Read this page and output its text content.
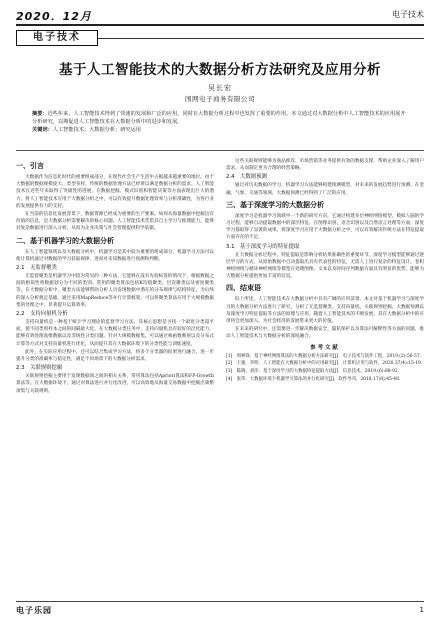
2020．12月	电子技术
电子技术
基于人工智能技术的大数据分析方法研究及应用分析
吴长宏
国网电子商务有限公司
摘要：近些年来，人工智能技术得到了快速的发展和广泛的应用，同时在大数据分析过程中也发挥了重要的作用。本文通过对大数据分析中人工智能技术的应用展开分析研究，以期促进人工智能技术在大数据分析中的进步和发展。
关键词：人工智能技术；大数据分析；研究运用
一、引言
大数据作为信息化时代的重要组成部分，在现代社会生产生活中占据越来越重要的地位。由于大数据的数据规模庞大、类型多样，传统的数据处理方法已经难以满足数据分析的需求。人工智能技术在近些年来取得了突破性的进展，在数据挖掘、模式识别和智能决策等方面表现出巨大的潜力。将人工智能技术应用于大数据分析之中，可以有效提升数据处理效率与分析准确性，为各行业的发展提供有力的支持。
在当前的信息化发展背景下，数据资源已经成为重要的生产要素。如何从海量数据中挖掘出有价值的信息，是大数据分析需要解决的核心问题。人工智能技术凭借其自主学习与推理能力，能够对复杂数据进行深入分析，从而为企业决策与社会管理提供科学依据。
二、基于机器学习的大数据分析
在人工智能领域以及大数据分析中，机器学习是其中较为重要的组成部分，机器学习方法可以使计算机通过对数据的学习获取规律，进而对未知数据进行预测和判断。
2.1　无监督聚类
无监督聚类是机器学习中较为常见的一种方法，它能够在没有先验标签的情况下，根据数据之间的相似性将数据划分为不同的类别。常用的聚类算法包括K均值聚类、层次聚类以及密度聚类等，在大数据分析中，聚类方法能够帮助分析人员发现数据中潜在的分布规律与结构特征，为后续的深入分析奠定基础。通过采用MapReduce等并行计算框架，可以将聚类算法应用于大规模数据集的处理之中，显著提升运算效率。
2.2　支持向量机分析
支持向量机是一种基于统计学习理论的监督学习方法，其核心思想是寻找一个最优分类超平面，使不同类别样本之间的间隔最大化。在大数据分类任务中，支持向量机具有较好的泛化能力，能够有效处理高维数据以及非线性分类问题。针对大规模数据集，可以通过核函数映射以及分布式计算等方式对支持向量机进行优化，从而提升其在大数据环境下的分类性能与训练速度。
此外，在实际应用过程中，还可以结合集成学习方法，将多个分类器的结果进行融合，进一步提升分类的准确率与稳定性，满足不同场景下的大数据分析需求。
2.3　关联规则挖掘
关联规则挖掘主要用于发现数据项之间的相关关系，常用算法包括Apriori算法和FP-Growth算法等。在大数据环境下，通过对算法进行并行化改进，可以高效地从海量交易数据中挖掘出频繁项集与关联规则。
这些关联规则能够为商品推荐、市场营销等业务提供有效的数据支撑，帮助企业深入了解用户需求，从而制定更为合理的经营策略。
2.4　大数据预测
通过对历史数据的学习，机器学习方法能够构建预测模型，对未来的发展趋势进行预测。在金融、气象、交通等领域，大数据预测已经得到了广泛的应用。
三、基于深度学习的大数据分析
深度学习是机器学习领域中一个新的研究方向，它通过构建多层神经网络模型，模拟人脑的学习过程，能够自动提取数据中的深层特征。在图像识别、语音识别以及自然语言处理等方面，深度学习都取得了显著的成果。将深度学习应用于大数据分析之中，可以有效解决传统方法在特征提取方面存在的不足。
3.1　基于深度学习的特征提取
在大数据分析过程中，特征提取是影响分析结果准确性的重要环节。深度学习模型能够通过逐层学习的方式，从原始数据中自动提取出具有代表性的特征，无需人工进行复杂的特征设计。卷积神经网络与循环神经网络等模型在处理图像、文本以及时间序列数据方面具有明显的优势，能够为大数据分析提供更加丰富的信息。
四、结束语
综上所述，人工智能技术在大数据分析中具有广阔的应用前景。本文对基于机器学习与深度学习的大数据分析方法进行了研究，分析了无监督聚类、支持向量机、关联规则挖掘、大数据预测以及深度学习特征提取等方法的原理与应用。随着人工智能技术的不断发展，其在大数据分析中的应用将会更加深入，为社会经济的发展带来更大的价值。
在未来的研究中，还需要进一步解决数据安全、隐私保护以及算法可解释性等方面的问题，推动人工智能技术与大数据分析的深度融合。
参考文献
[1]　周林锋．基于神经网络算法的大数据分析方法研究[J]．电子技术与软件工程，2019,(2):56-57.
[2]　王强，李明．人工智能在大数据分析中的应用研究[J]．计算机应用与软件，2020,37(4):15-19.
[3]　陈晓，刘洋．基于深度学习的大数据特征提取方法[J]．信息技术，2019,(6):88-92.
[4]　张伟．大数据环境下机器学习算法的并行化研究[J]．软件导刊，2018,17(8):45-48.
电子乐园	1
